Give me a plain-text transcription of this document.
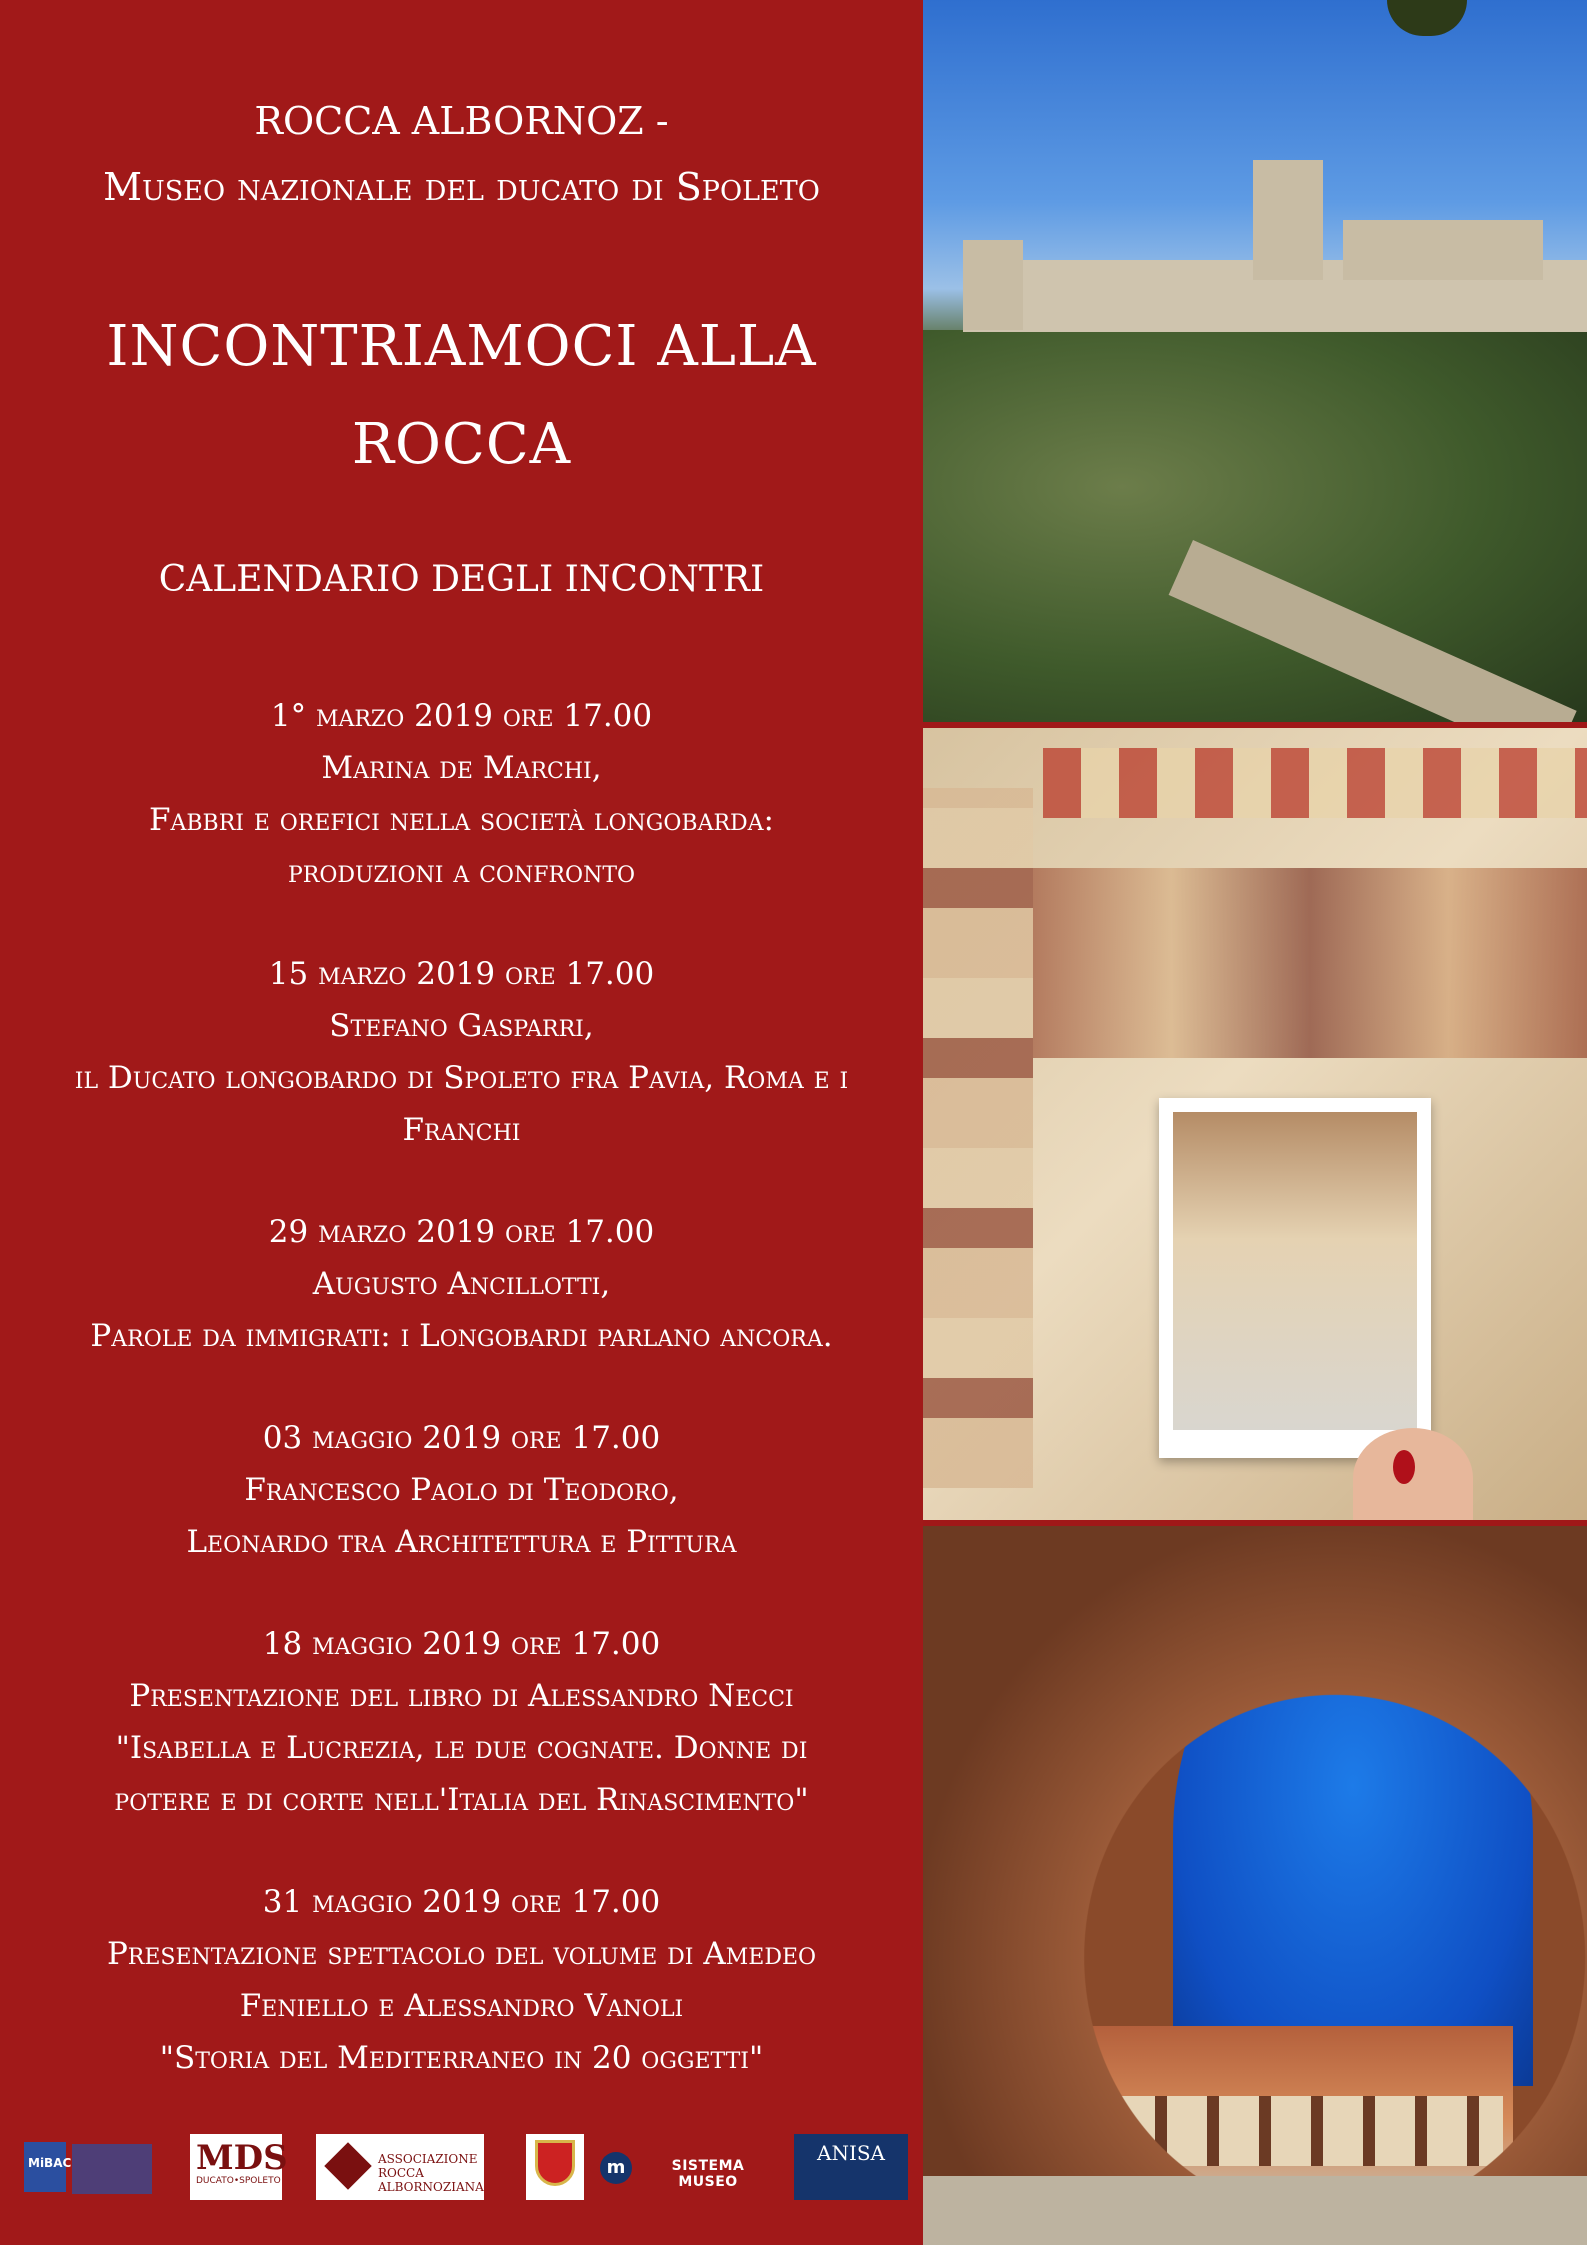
ROCCA ALBORNOZ -
Museo nazionale del ducato di Spoleto
INCONTRIAMOCI ALLA
ROCCA
CALENDARIO DEGLI INCONTRI
1° marzo 2019 ore 17.00
Marina de Marchi,
Fabbri e orefici nella società longobarda:
produzioni a confronto
15 marzo 2019 ore 17.00
Stefano Gasparri,
il Ducato longobardo di Spoleto fra Pavia, Roma e i
Franchi
29 marzo 2019 ore 17.00
Augusto Ancillotti,
Parole da immigrati: i Longobardi parlano ancora.
03 maggio 2019 ore 17.00
Francesco Paolo di Teodoro,
Leonardo tra Architettura e Pittura
18 maggio 2019 ore 17.00
Presentazione del libro di Alessandro Necci
"Isabella e Lucrezia, le due cognate. Donne di
potere e di corte nell'Italia del Rinascimento"
31 maggio 2019 ore 17.00
Presentazione spettacolo del volume di Amedeo
Feniello e Alessandro Vanoli
"Storia del Mediterraneo in 20 oggetti"
MiBAC	MDS
DUCATO•SPOLETO
ASSOCIAZIONE
ROCCA ALBORNOZIANA
m	SISTEMA MUSEO
ANISA
